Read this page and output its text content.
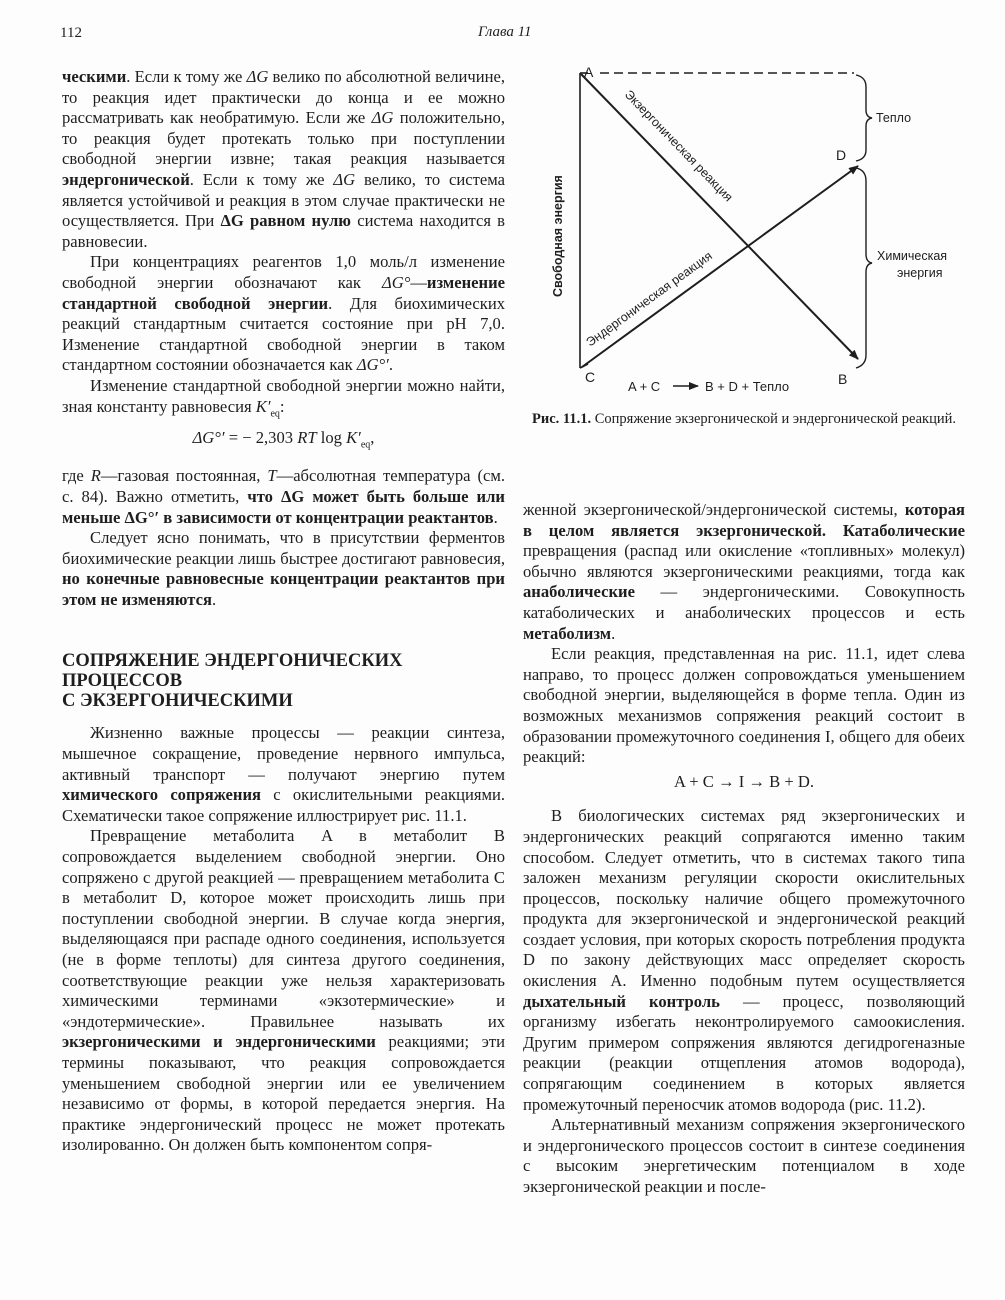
112	Глава 11

ческими. Если к тому же ΔG велико по абсолютной величине, то реакция идет практически до конца и ее можно рассматривать как необратимую. Если же ΔG положительно, то реакция будет протекать только при поступлении свободной энергии извне; такая реакция называется эндергонической. Если к тому же ΔG велико, то система является устойчивой и реакция в этом случае практически не осуществляется. При ΔG равном нулю система находится в равновесии.

При концентрациях реагентов 1,0 моль/л изменение свободной энергии обозначают как ΔG°—изменение стандартной свободной энергии. Для биохимических реакций стандартным считается состояние при pH 7,0. Изменение стандартной свободной энергии в таком стандартном состоянии обозначается как ΔG°′.

Изменение стандартной свободной энергии можно найти, зная константу равновесия $K'_{eq}$:

ΔG°′ = − 2,303 RT $\log K'_{eq}$,

где R—газовая постоянная, T—абсолютная температура (см. с. 84). Важно отметить, что ΔG может быть больше или меньше ΔG°′ в зависимости от концентрации реактантов.

Следует ясно понимать, что в присутствии ферментов биохимические реакции лишь быстрее достигают равновесия, но конечные равновесные концентрации реактантов при этом не изменяются.

СОПРЯЖЕНИЕ ЭНДЕРГОНИЧЕСКИХ
ПРОЦЕССОВ
С ЭКЗЕРГОНИЧЕСКИМИ

Жизненно важные процессы — реакции синтеза, мышечное сокращение, проведение нервного импульса, активный транспорт — получают энергию путем химического сопряжения с окислительными реакциями. Схематически такое сопряжение иллюстрирует рис. 11.1.

Превращение метаболита A в метаболит B сопровождается выделением свободной энергии. Оно сопряжено с другой реакцией — превращением метаболита C в метаболит D, которое может происходить лишь при поступлении свободной энергии. В случае когда энергия, выделяющаяся при распаде одного соединения, используется (не в форме теплоты) для синтеза другого соединения, соответствующие реакции уже нельзя характеризовать химическими терминами «экзотермические» и «эндотермические». Правильнее называть их экзергоническими и эндергоническими реакциями; эти термины показывают, что реакция сопровождается уменьшением свободной энергии или ее увеличением независимо от формы, в которой передается энергия. На практике эндергонический процесс не может протекать изолированно. Он должен быть компонентом сопря-

A
C
D
B
Тепло
Химическая
энергия
Свободная энергия
Экзергоническая реакция
Эндергоническая реакция
A + C	B + D + Тепло
Рис. 11.1. Сопряжение экзергонической и эндергонической реакций.

женной экзергонической/эндергонической системы, которая в целом является экзергонической. Катаболические превращения (распад или окисление «топливных» молекул) обычно являются экзергоническими реакциями, тогда как анаболические — эндергоническими. Совокупность катаболических и анаболических процессов и есть метаболизм.

Если реакция, представленная на рис. 11.1, идет слева направо, то процесс должен сопровождаться уменьшением свободной энергии, выделяющейся в форме тепла. Один из возможных механизмов сопряжения реакций состоит в образовании промежуточного соединения I, общего для обеих реакций:

A + C → I → B + D.

В биологических системах ряд экзергонических и эндергонических реакций сопрягаются именно таким способом. Следует отметить, что в системах такого типа заложен механизм регуляции скорости окислительных процессов, поскольку наличие общего промежуточного продукта для экзергонической и эндергонической реакций создает условия, при которых скорость потребления продукта D по закону действующих масс определяет скорость окисления A. Именно подобным путем осуществляется дыхательный контроль — процесс, позволяющий организму избегать неконтролируемого самоокисления. Другим примером сопряжения являются дегидрогеназные реакции (реакции отщепления атомов водорода), сопрягающим соединением в которых является промежуточный переносчик атомов водорода (рис. 11.2).

Альтернативный механизм сопряжения экзергонического и эндергонического процессов состоит в синтезе соединения с высоким энергетическим потенциалом в ходе экзергонической реакции и после-
